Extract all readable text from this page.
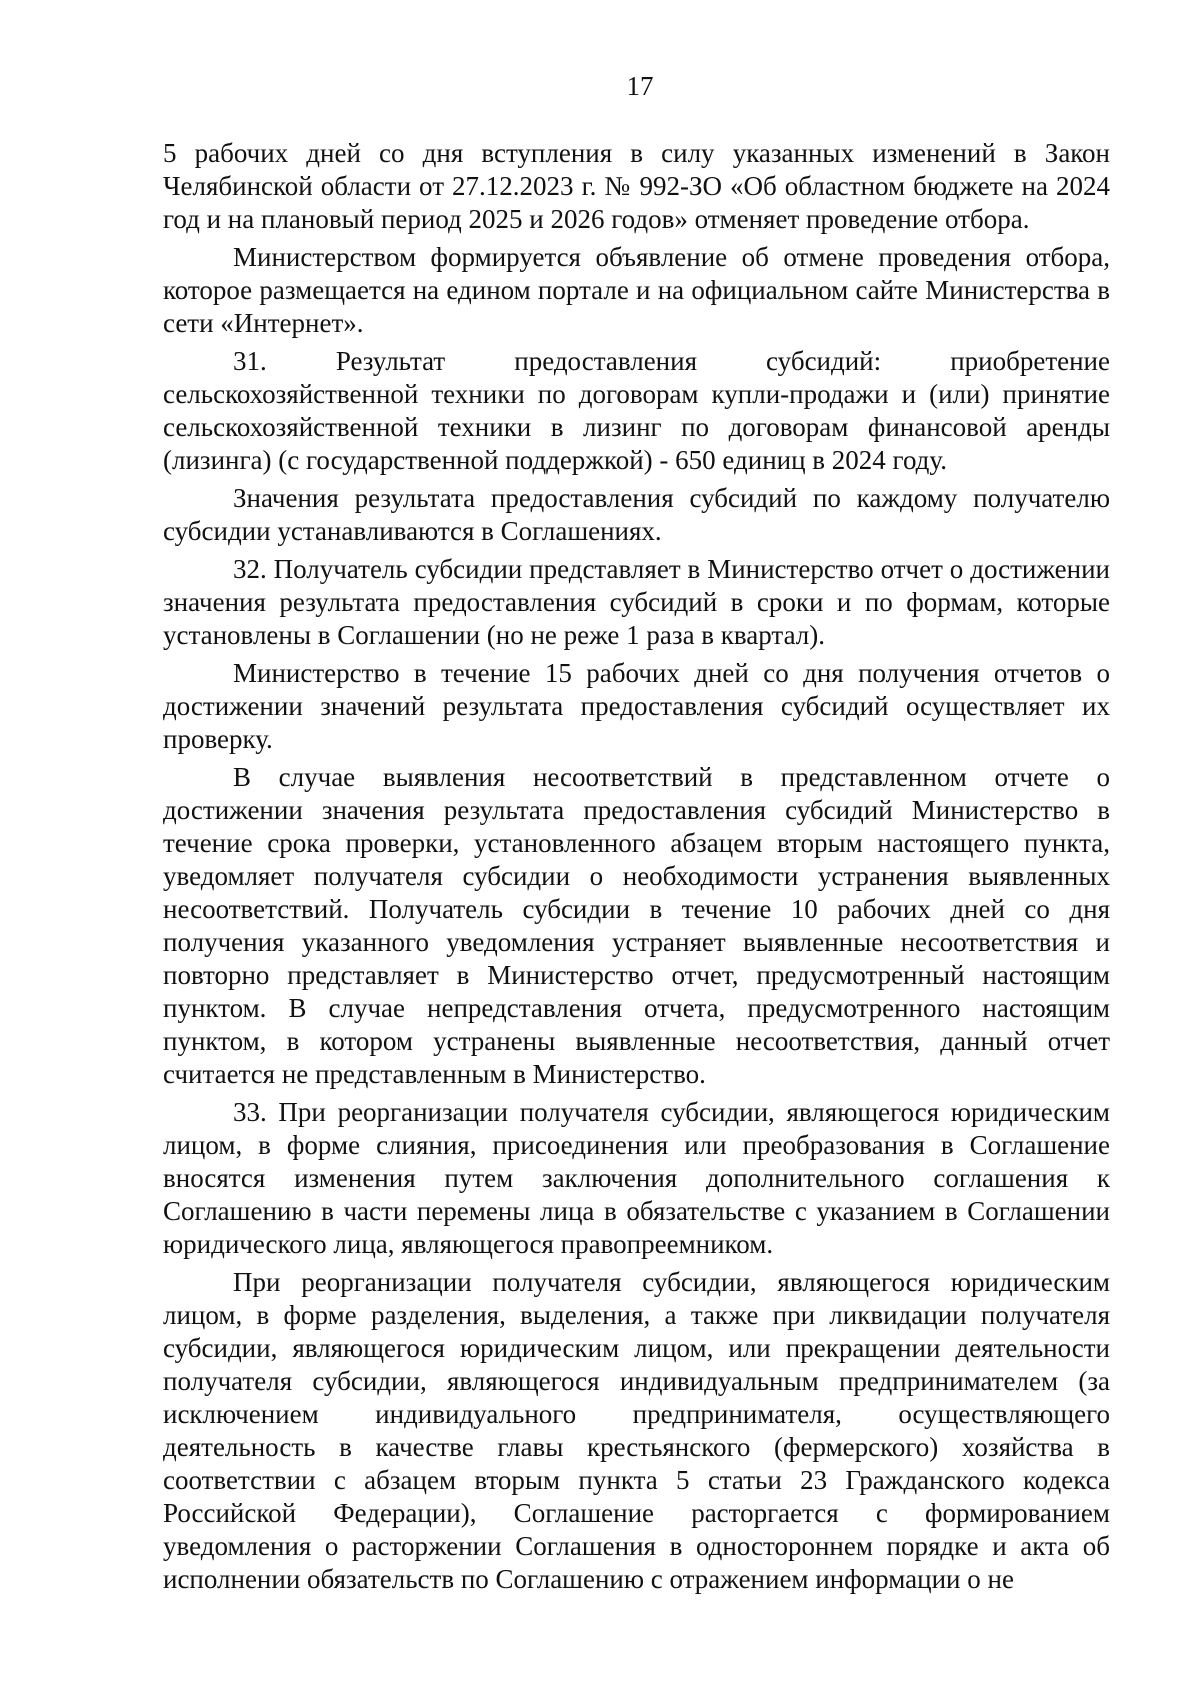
17

5 рабочих дней со дня вступления в силу указанных изменений в Закон Челябинской области от 27.12.2023 г. № 992-ЗО «Об областном бюджете на 2024 год и на плановый период 2025 и 2026 годов» отменяет проведение отбора.

Министерством формируется объявление об отмене проведения отбора, которое размещается на едином портале и на официальном сайте Министерства в сети «Интернет».

31. Результат предоставления субсидий: приобретение сельскохозяйственной техники по договорам купли-продажи и (или) принятие сельскохозяйственной техники в лизинг по договорам финансовой аренды (лизинга) (с государственной поддержкой) - 650 единиц в 2024 году.

Значения результата предоставления субсидий по каждому получателю субсидии устанавливаются в Соглашениях.

32. Получатель субсидии представляет в Министерство отчет о достижении значения результата предоставления субсидий в сроки и по формам, которые установлены в Соглашении (но не реже 1 раза в квартал).

Министерство в течение 15 рабочих дней со дня получения отчетов о достижении значений результата предоставления субсидий осуществляет их проверку.

В случае выявления несоответствий в представленном отчете о достижении значения результата предоставления субсидий Министерство в течение срока проверки, установленного абзацем вторым настоящего пункта, уведомляет получателя субсидии о необходимости устранения выявленных несоответствий. Получатель субсидии в течение 10 рабочих дней со дня получения указанного уведомления устраняет выявленные несоответствия и повторно представляет в Министерство отчет, предусмотренный настоящим пунктом. В случае непредставления отчета, предусмотренного настоящим пунктом, в котором устранены выявленные несоответствия, данный отчет считается не представленным в Министерство.

33. При реорганизации получателя субсидии, являющегося юридическим лицом, в форме слияния, присоединения или преобразования в Соглашение вносятся изменения путем заключения дополнительного соглашения к Соглашению в части перемены лица в обязательстве с указанием в Соглашении юридического лица, являющегося правопреемником.

При реорганизации получателя субсидии, являющегося юридическим лицом, в форме разделения, выделения, а также при ликвидации получателя субсидии, являющегося юридическим лицом, или прекращении деятельности получателя субсидии, являющегося индивидуальным предпринимателем (за исключением индивидуального предпринимателя, осуществляющего деятельность в качестве главы крестьянского (фермерского) хозяйства в соответствии с абзацем вторым пункта 5 статьи 23 Гражданского кодекса Российской Федерации), Соглашение расторгается с формированием уведомления о расторжении Соглашения в одностороннем порядке и акта об исполнении обязательств по Соглашению с отражением информации о не
